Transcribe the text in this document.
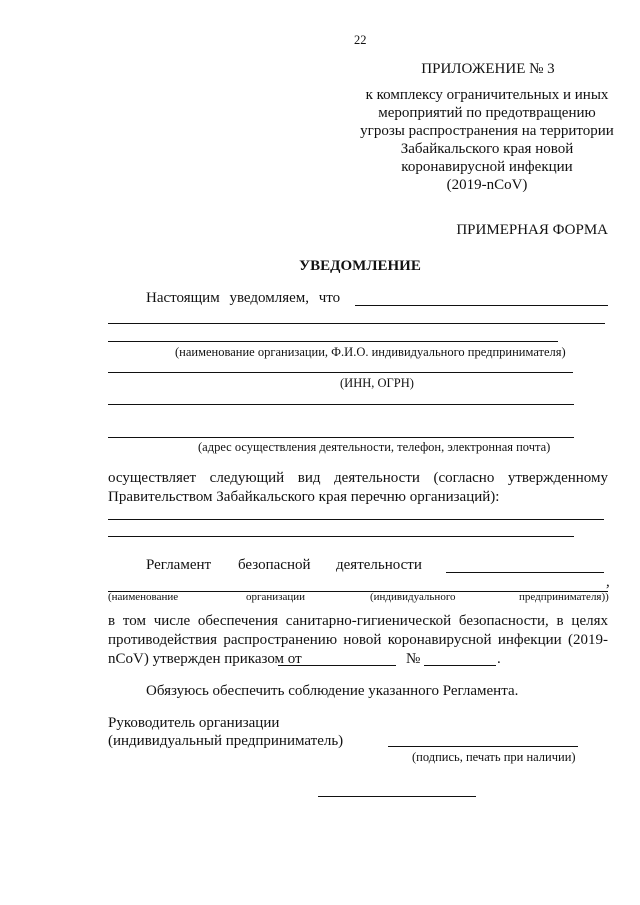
22
ПРИЛОЖЕНИЕ № 3
к комплексу ограничительных и иных
мероприятий по предотвращению
угрозы распространения на территории
Забайкальского края новой
коронавирусной инфекции
(2019-nCoV)
ПРИМЕРНАЯ ФОРМА
УВЕДОМЛЕНИЕ
Настоящим уведомляем, что
(наименование организации, Ф.И.О. индивидуального предпринимателя)
(ИНН, ОГРН)
(адрес осуществления деятельности, телефон, электронная почта)
осуществляет следующий вид деятельности (согласно утвержденному
Правительством Забайкальского края перечню организаций):
Регламент безопасной деятельности
,
(наименование	организации	(индивидуального	предпринимателя))
в том числе обеспечения санитарно-гигиенической безопасности, в целях
противодействия распространению новой коронавирусной инфекции (2019-
nCoV) утвержден приказом от	№	.
Обязуюсь обеспечить соблюдение указанного Регламента.
Руководитель организации
(индивидуальный предприниматель)
(подпись, печать при наличии)
